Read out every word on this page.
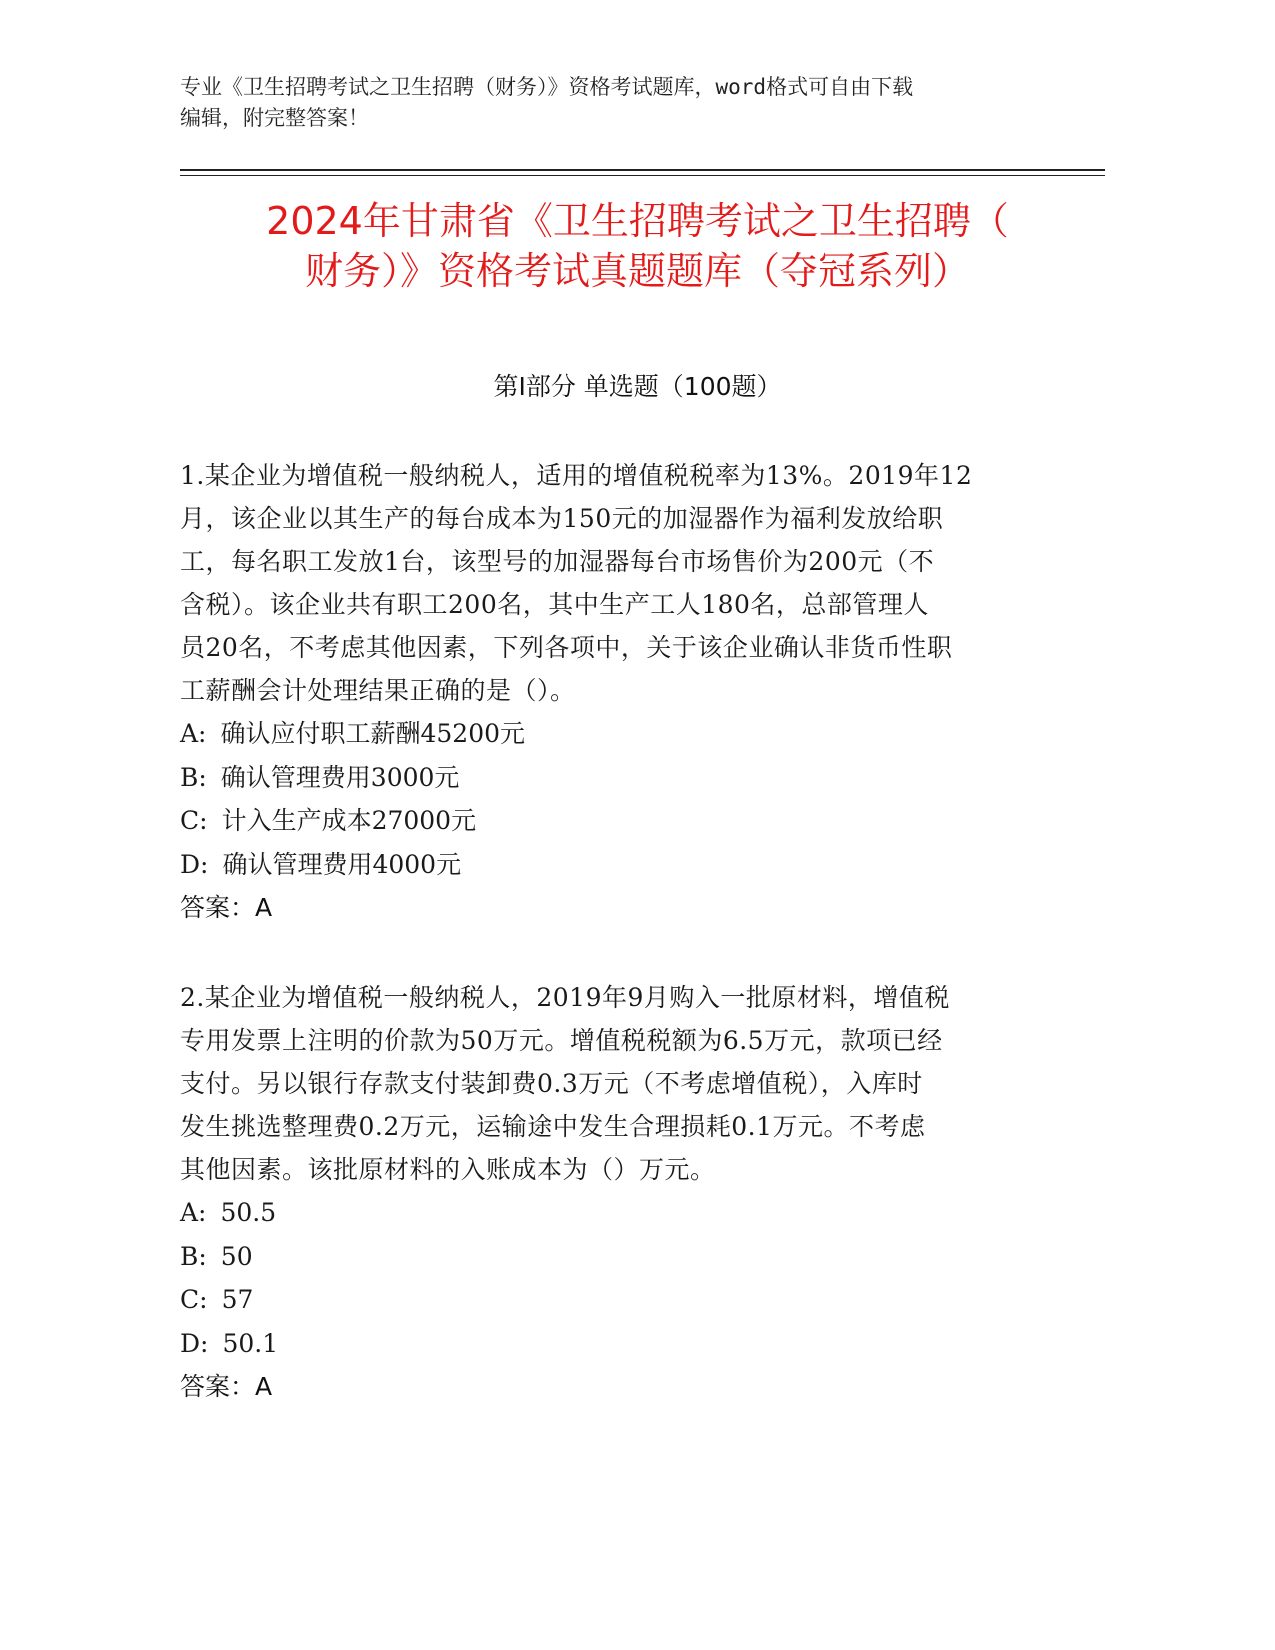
专业《卫生招聘考试之卫生招聘（财务）》资格考试题库，word格式可自由下载
编辑，附完整答案！
2024年甘肃省《卫生招聘考试之卫生招聘（
财务）》资格考试真题题库（夺冠系列）
第Ⅰ部分 单选题（100题）

1.某企业为增值税一般纳税人，适用的增值税税率为13%。2019年12

月，该企业以其生产的每台成本为150元的加湿器作为福利发放给职

工，每名职工发放1台，该型号的加湿器每台市场售价为200元（不

含税）。该企业共有职工200名，其中生产工人180名，总部管理人

员20名，不考虑其他因素，下列各项中，关于该企业确认非货币性职

工薪酬会计处理结果正确的是（）。

A: 确认应付职工薪酬45200元

B: 确认管理费用3000元

C: 计入生产成本27000元

D: 确认管理费用4000元

答案：A

2.某企业为增值税一般纳税人，2019年9月购入一批原材料，增值税

专用发票上注明的价款为50万元。增值税税额为6.5万元，款项已经

支付。另以银行存款支付装卸费0.3万元（不考虑增值税），入库时

发生挑选整理费0.2万元，运输途中发生合理损耗0.1万元。不考虑

其他因素。该批原材料的入账成本为（）万元。

A: 50.5

B: 50

C: 57

D: 50.1

答案：A
